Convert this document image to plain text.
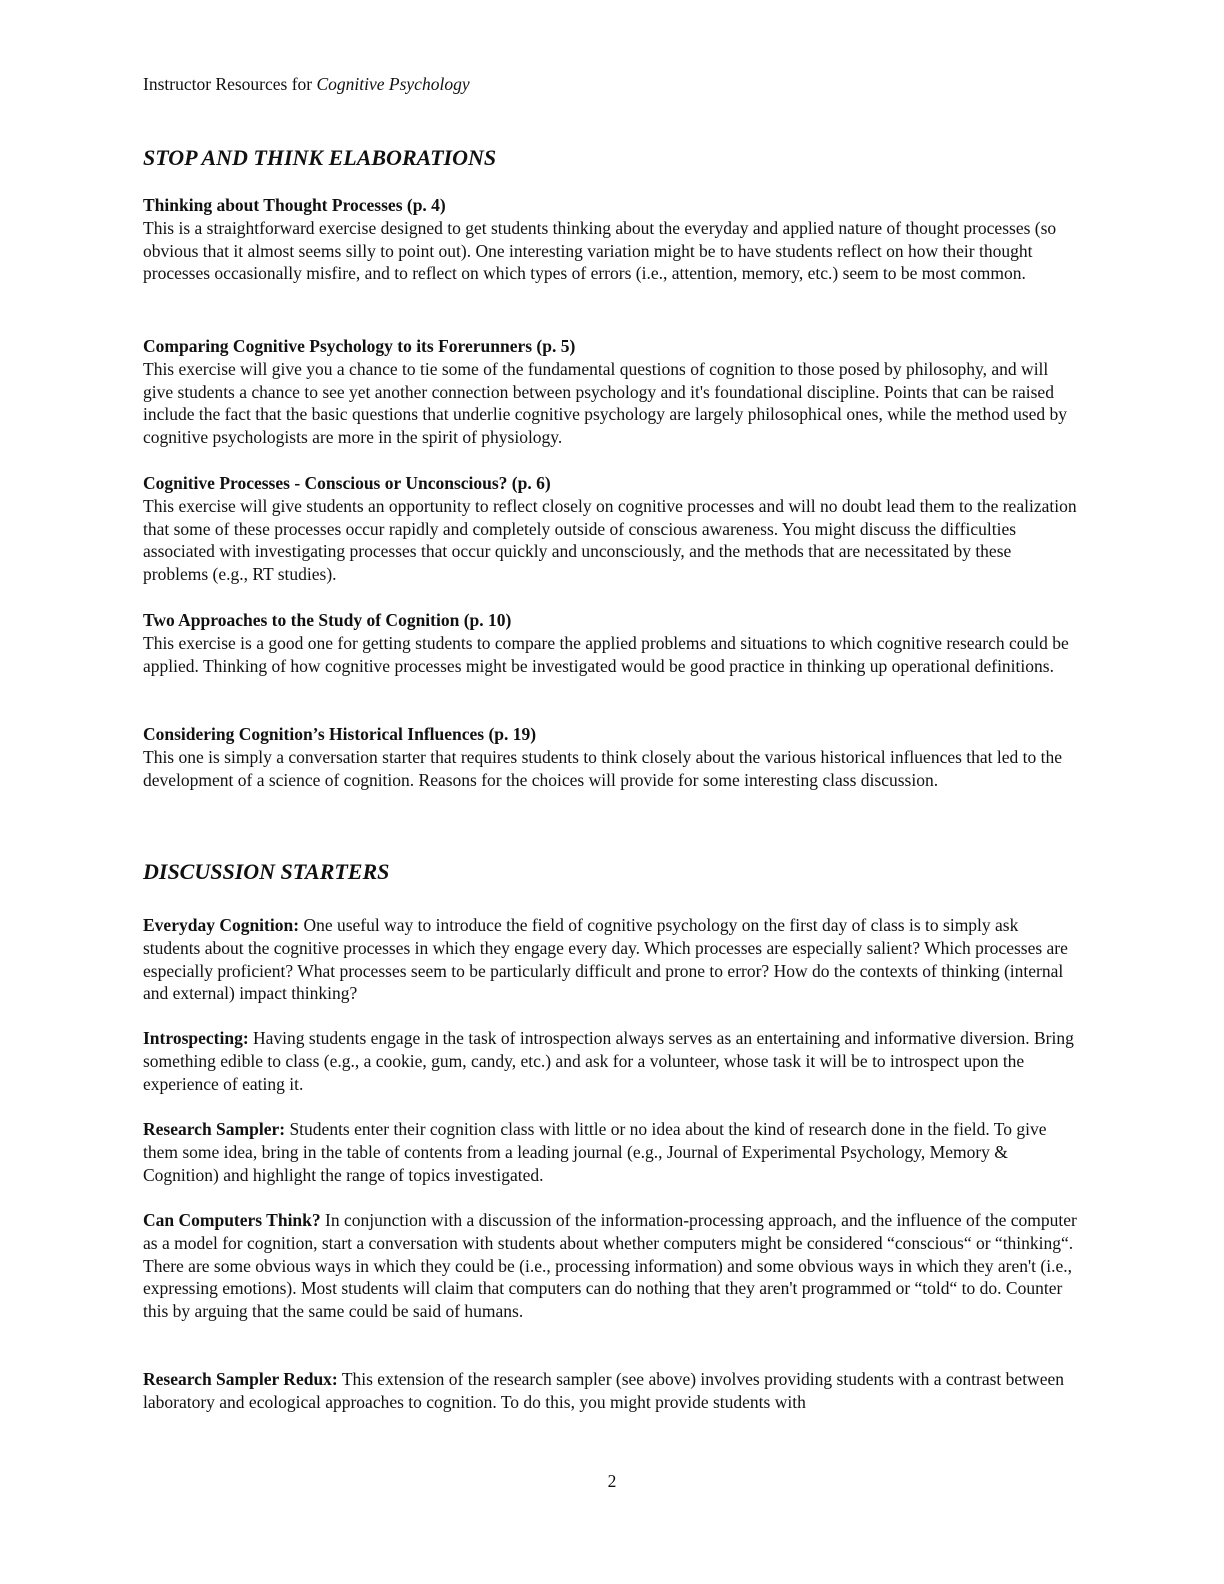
Instructor Resources for Cognitive Psychology
STOP AND THINK ELABORATIONS
Thinking about Thought Processes (p. 4)
This is a straightforward exercise designed to get students thinking about the everyday and applied nature of thought processes (so obvious that it almost seems silly to point out). One interesting variation might be to have students reflect on how their thought processes occasionally misfire, and to reflect on which types of errors (i.e., attention, memory, etc.) seem to be most common.
Comparing Cognitive Psychology to its Forerunners (p. 5)
This exercise will give you a chance to tie some of the fundamental questions of cognition to those posed by philosophy, and will give students a chance to see yet another connection between psychology and it's foundational discipline. Points that can be raised include the fact that the basic questions that underlie cognitive psychology are largely philosophical ones, while the method used by cognitive psychologists are more in the spirit of physiology.
Cognitive Processes - Conscious or Unconscious? (p. 6)
This exercise will give students an opportunity to reflect closely on cognitive processes and will no doubt lead them to the realization that some of these processes occur rapidly and completely outside of conscious awareness. You might discuss the difficulties associated with investigating processes that occur quickly and unconsciously, and the methods that are necessitated by these problems (e.g., RT studies).
Two Approaches to the Study of Cognition (p. 10)
This exercise is a good one for getting students to compare the applied problems and situations to which cognitive research could be applied. Thinking of how cognitive processes might be investigated would be good practice in thinking up operational definitions.
Considering Cognition’s Historical Influences (p. 19)
This one is simply a conversation starter that requires students to think closely about the various historical influences that led to the development of a science of cognition. Reasons for the choices will provide for some interesting class discussion.
DISCUSSION STARTERS

Everyday Cognition: One useful way to introduce the field of cognitive psychology on the first day of class is to simply ask students about the cognitive processes in which they engage every day. Which processes are especially salient? Which processes are especially proficient? What processes seem to be particularly difficult and prone to error? How do the contexts of thinking (internal and external) impact thinking?

Introspecting: Having students engage in the task of introspection always serves as an entertaining and informative diversion. Bring something edible to class (e.g., a cookie, gum, candy, etc.) and ask for a volunteer, whose task it will be to introspect upon the experience of eating it.

Research Sampler: Students enter their cognition class with little or no idea about the kind of research done in the field. To give them some idea, bring in the table of contents from a leading journal (e.g., Journal of Experimental Psychology, Memory & Cognition) and highlight the range of topics investigated.

Can Computers Think? In conjunction with a discussion of the information-processing approach, and the influence of the computer as a model for cognition, start a conversation with students about whether computers might be considered “conscious“ or “thinking“. There are some obvious ways in which they could be (i.e., processing information) and some obvious ways in which they aren't (i.e., expressing emotions). Most students will claim that computers can do nothing that they aren't programmed or “told“ to do. Counter this by arguing that the same could be said of humans.

Research Sampler Redux: This extension of the research sampler (see above) involves providing students with a contrast between laboratory and ecological approaches to cognition. To do this, you might provide students with

2
